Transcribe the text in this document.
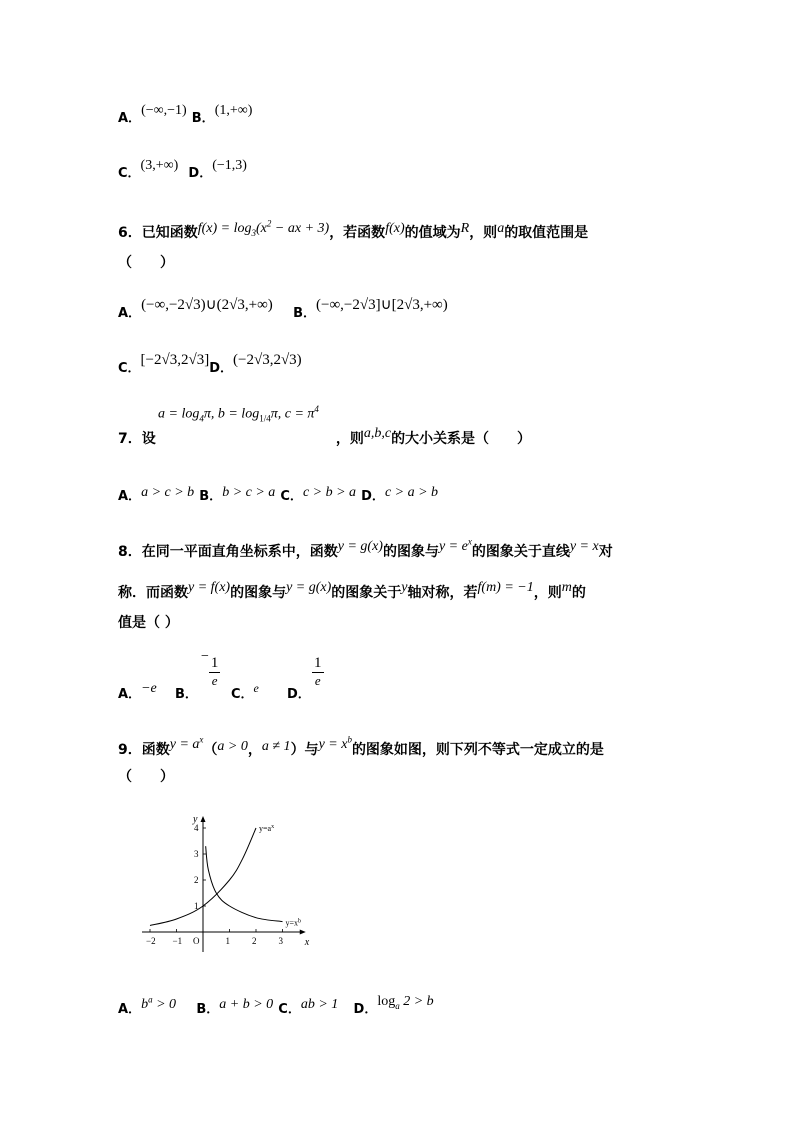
A．(−∞,−1) B．(1,+∞)
C．(3,+∞)  D．(−1,3)
6．已知函数$f(x) = \log_3(x^2$ − ax + 3)，若函数f(x)的值域为R，则a的取值范围是
（　　）
A．(−∞,−2√3)∪(2√3,+∞)    B．(−∞,−2√3]∪[2√3,+∞)
C．[−2√3,2√3]D．(−2√3,2√3)
$a = \log_4\pi$, $b = \log_{1/4}\pi$, $c = \pi^4$
7．设	，则a,b,c的大小关系是（　　）
A．a > c > b B．b > c > a C．c > b > a D．c > a > b
8．在同一平面直角坐标系中，函数y = g(x)的图象与$y = e^x$的图象关于直线y = x对
称．而函数y = f(x)的图象与y = g(x)的图象关于y轴对称，若f(m) = −1，则m的
值是（ ）
A．−e B．
− $\frac{1}{e}$
C．$^e$ D．
$\frac{1}{e}$
9．函数$y = a^x(a > 0$，a ≠ 1）与$y = x^b$的图象如图，则下列不等式一定成立的是
（　　）
x
y
−2 −1 O	1 2 3
1
2
3
4	$y=a^x$
$y=x^b$
A．$b^a > 0$ B．a + b > 0 C．ab > 1 D．$\log_a 2 > b$
